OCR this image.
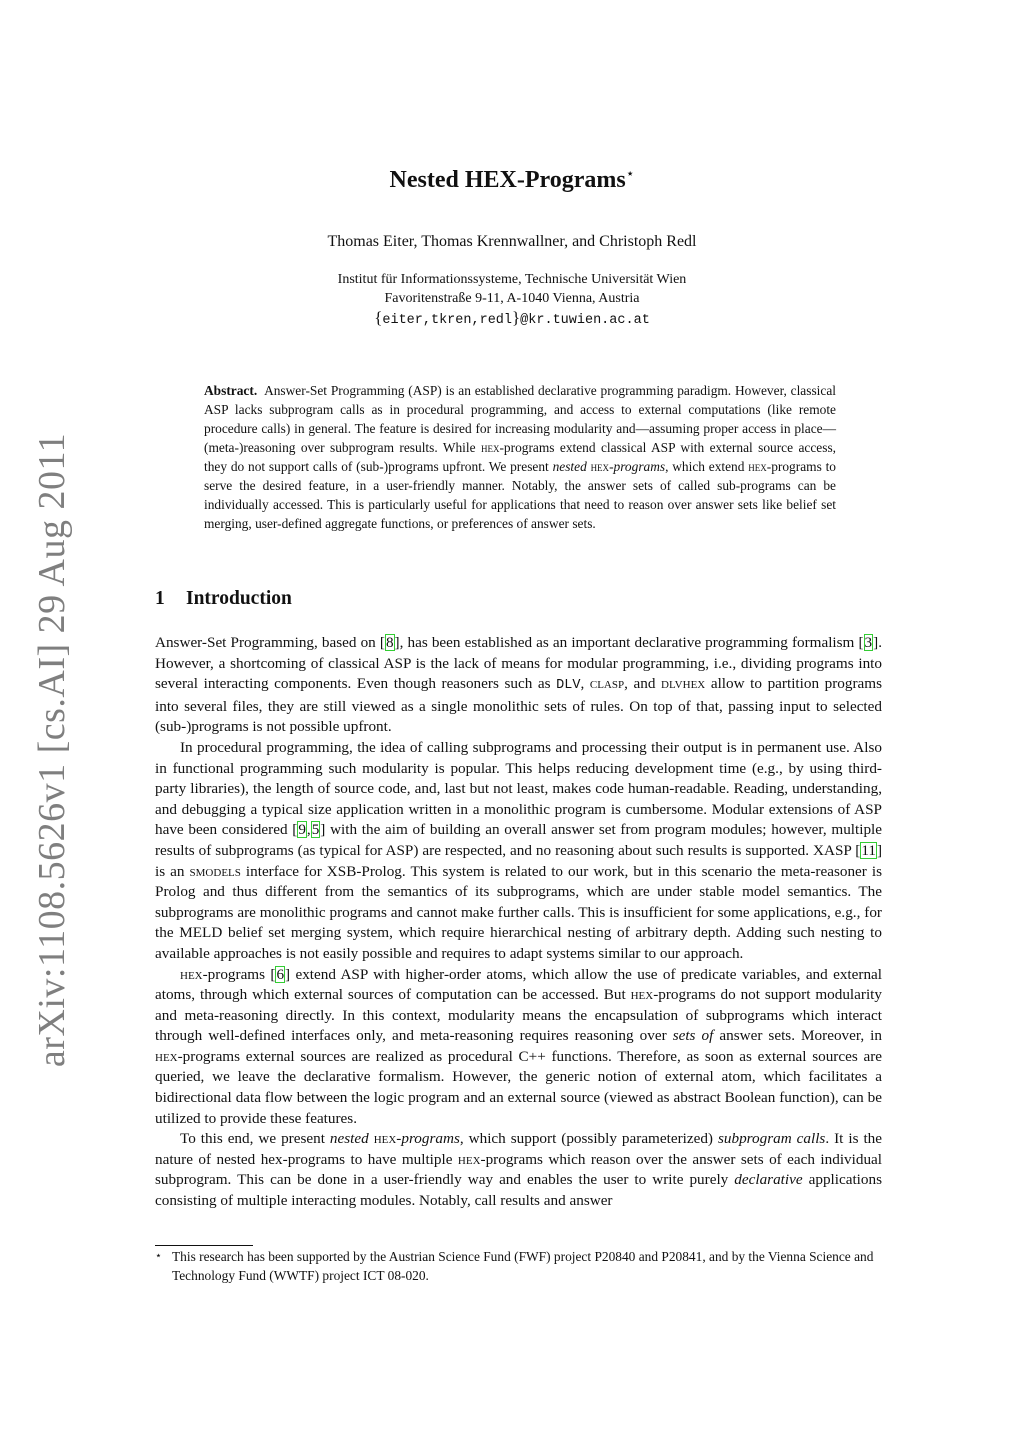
arXiv:1108.5626v1 [cs.AI] 29 Aug 2011
Nested HEX-Programs⋆
Thomas Eiter, Thomas Krennwallner, and Christoph Redl
Institut für Informationssysteme, Technische Universität Wien
Favoritenstraße 9-11, A-1040 Vienna, Austria
{eiter,tkren,redl}@kr.tuwien.ac.at
Abstract. Answer-Set Programming (ASP) is an established declarative programming paradigm. However, classical ASP lacks subprogram calls as in procedural programming, and access to external computations (like remote procedure calls) in general. The feature is desired for increasing modularity and—assuming proper access in place—(meta-)reasoning over subprogram results. While hex-programs extend classical ASP with external source access, they do not support calls of (sub-)programs upfront. We present nested hex-programs, which extend hex-programs to serve the desired feature, in a user-friendly manner. Notably, the answer sets of called sub-programs can be individually accessed. This is particularly useful for applications that need to reason over answer sets like belief set merging, user-defined aggregate functions, or preferences of answer sets.
1 Introduction

Answer-Set Programming, based on [8], has been established as an important declarative programming formalism [3]. However, a shortcoming of classical ASP is the lack of means for modular programming, i.e., dividing programs into several interacting components. Even though reasoners such as DLV, clasp, and dlvhex allow to partition programs into several files, they are still viewed as a single monolithic sets of rules. On top of that, passing input to selected (sub-)programs is not possible upfront.

In procedural programming, the idea of calling subprograms and processing their output is in permanent use. Also in functional programming such modularity is popular. This helps reducing development time (e.g., by using third-party libraries), the length of source code, and, last but not least, makes code human-readable. Reading, understanding, and debugging a typical size application written in a monolithic program is cumbersome. Modular extensions of ASP have been considered [9,5] with the aim of building an overall answer set from program modules; however, multiple results of subprograms (as typical for ASP) are respected, and no reasoning about such results is supported. XASP [11] is an smodels interface for XSB-Prolog. This system is related to our work, but in this scenario the meta-reasoner is Prolog and thus different from the semantics of its subprograms, which are under stable model semantics. The subprograms are monolithic programs and cannot make further calls. This is insufficient for some applications, e.g., for the MELD belief set merging system, which require hierarchical nesting of arbitrary depth. Adding such nesting to available approaches is not easily possible and requires to adapt systems similar to our approach.

hex-programs [6] extend ASP with higher-order atoms, which allow the use of predicate variables, and external atoms, through which external sources of computation can be accessed. But hex-programs do not support modularity and meta-reasoning directly. In this context, modularity means the encapsulation of subprograms which interact through well-defined interfaces only, and meta-reasoning requires reasoning over sets of answer sets. Moreover, in hex-programs external sources are realized as procedural C++ functions. Therefore, as soon as external sources are queried, we leave the declarative formalism. However, the generic notion of external atom, which facilitates a bidirectional data flow between the logic program and an external source (viewed as abstract Boolean function), can be utilized to provide these features.

To this end, we present nested hex-programs, which support (possibly parameterized) subprogram calls. It is the nature of nested hex-programs to have multiple hex-programs which reason over the answer sets of each individual subprogram. This can be done in a user-friendly way and enables the user to write purely declarative applications consisting of multiple interacting modules. Notably, call results and answer

⋆ This research has been supported by the Austrian Science Fund (FWF) project P20840 and P20841, and by the Vienna Science and Technology Fund (WWTF) project ICT 08-020.
